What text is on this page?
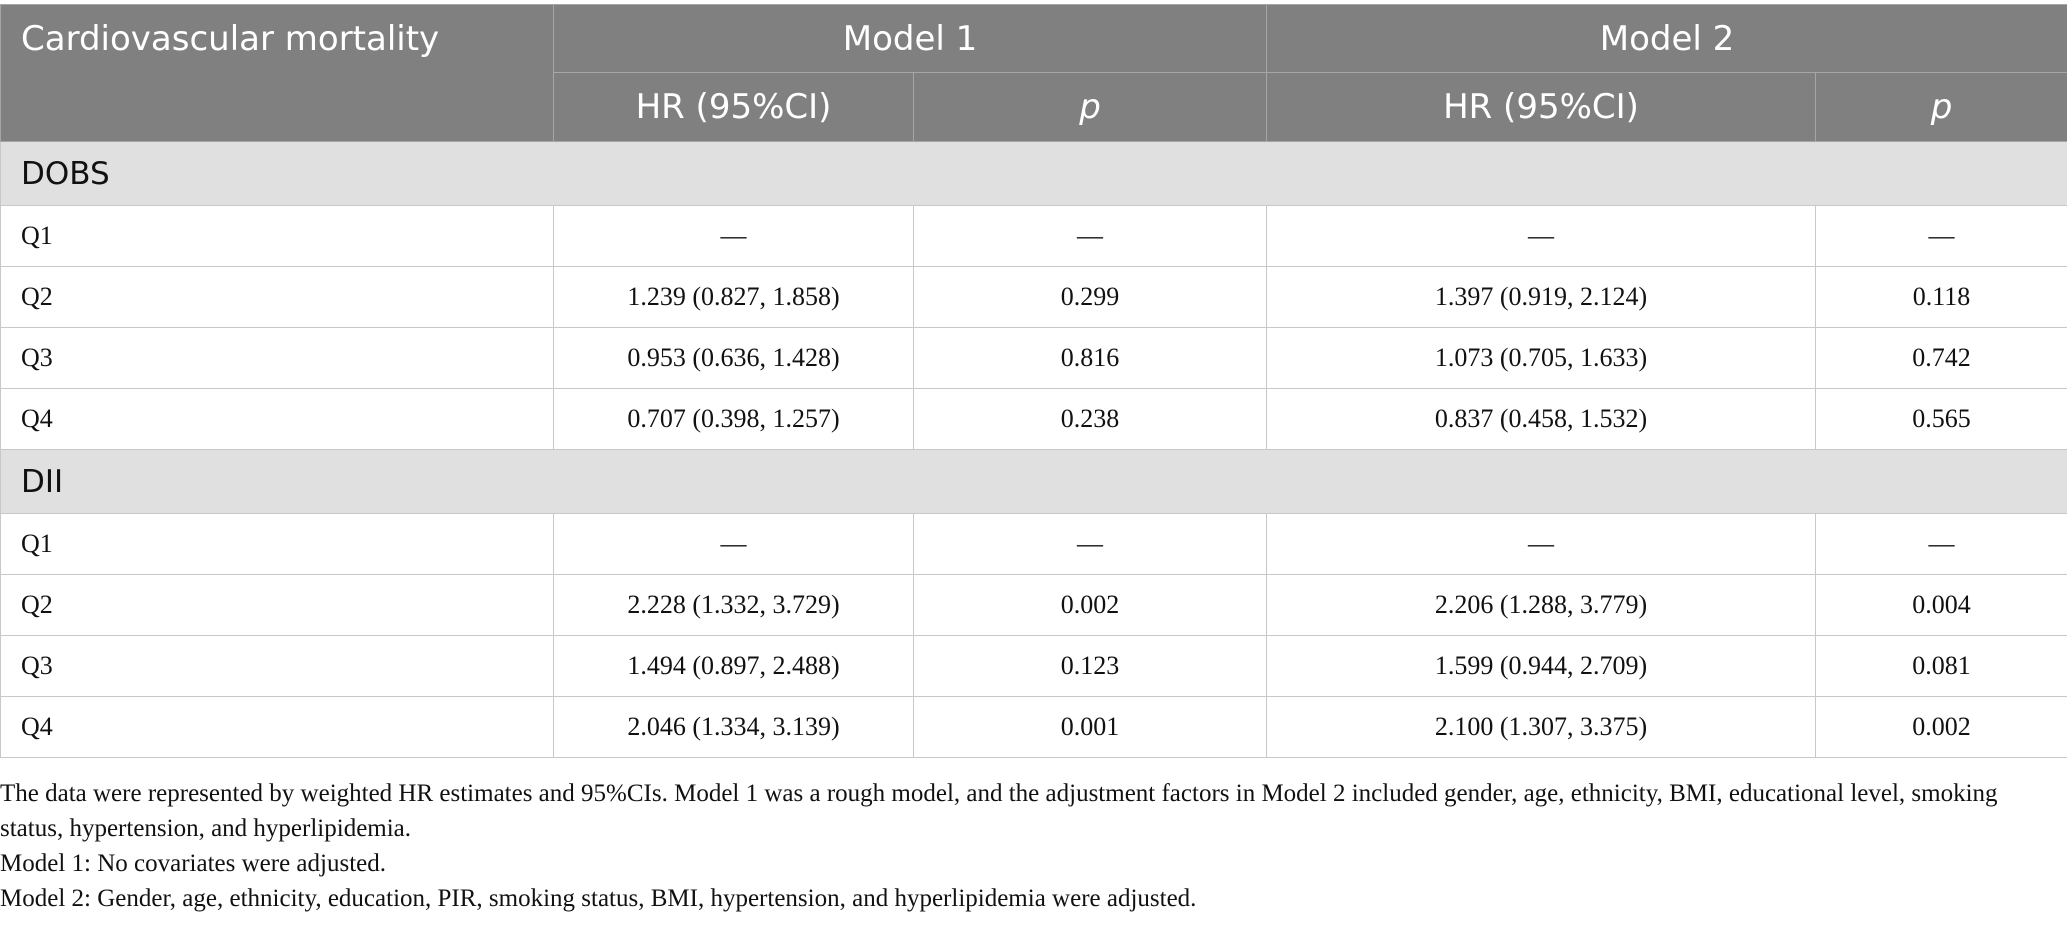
Cardiovascular mortality	Model 1		Model 2	
	HR (95%CI)	p	HR (95%CI)	p
DOBS				
Q1	—	—	—	—
Q2	1.239 (0.827, 1.858)	0.299	1.397 (0.919, 2.124)	0.118
Q3	0.953 (0.636, 1.428)	0.816	1.073 (0.705, 1.633)	0.742
Q4	0.707 (0.398, 1.257)	0.238	0.837 (0.458, 1.532)	0.565
DII				
Q1	—	—	—	—
Q2	2.228 (1.332, 3.729)	0.002	2.206 (1.288, 3.779)	0.004
Q3	1.494 (0.897, 2.488)	0.123	1.599 (0.944, 2.709)	0.081
Q4	2.046 (1.334, 3.139)	0.001	2.100 (1.307, 3.375)	0.002

The data were represented by weighted HR estimates and 95%CIs. Model 1 was a rough model, and the adjustment factors in Model 2 included gender, age, ethnicity, BMI, educational level, smoking status, hypertension, and hyperlipidemia.

Model 1: No covariates were adjusted.

Model 2: Gender, age, ethnicity, education, PIR, smoking status, BMI, hypertension, and hyperlipidemia were adjusted.
